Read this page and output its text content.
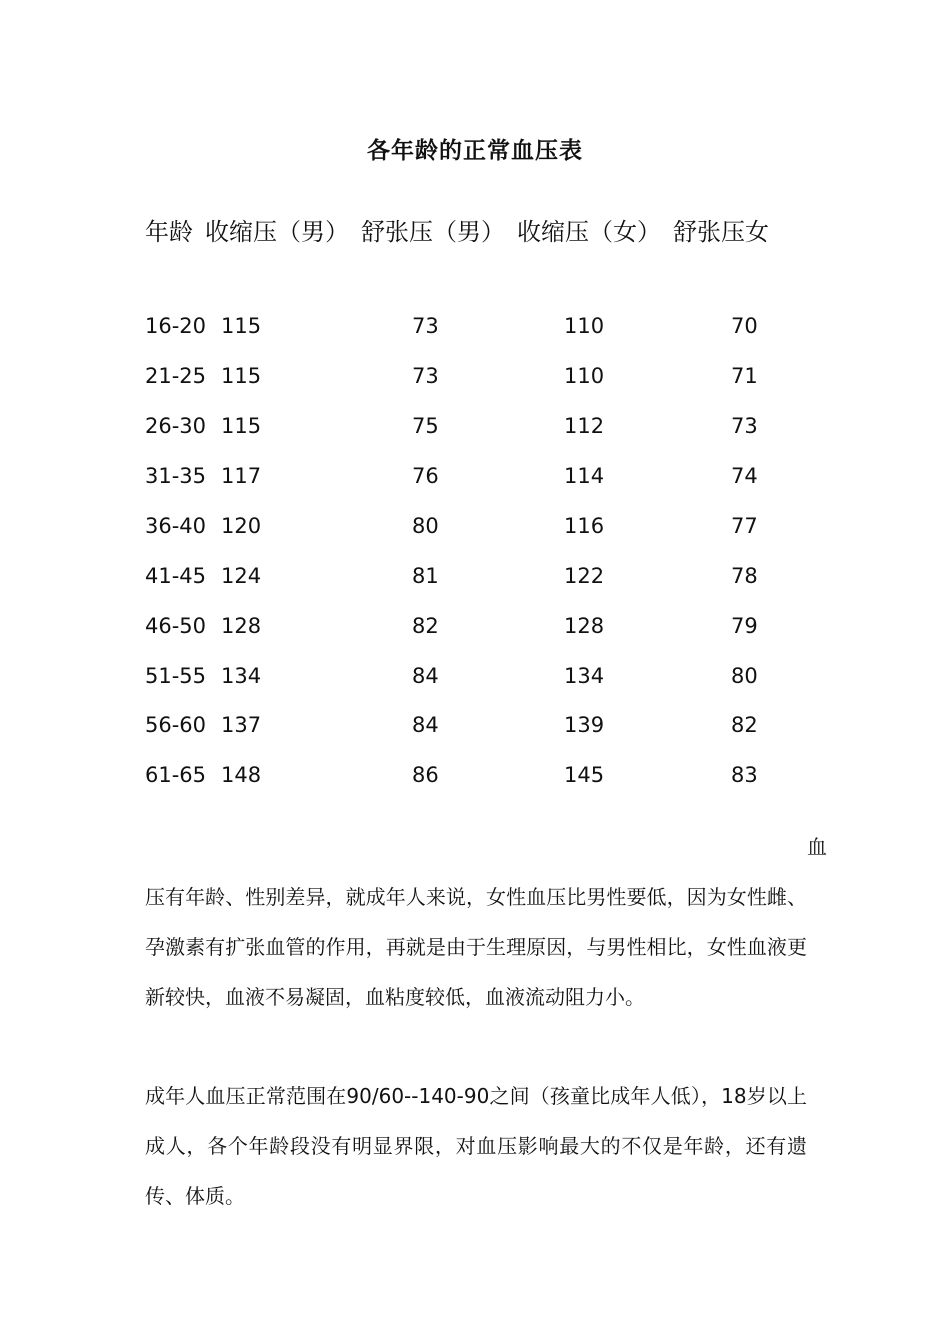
各年龄的正常血压表
年龄 收缩压（男） 舒张压（男） 收缩压（女） 舒张压女
16-20 115	73	110	70
21-25 115	73	110	71
26-30 115	75	112	73
31-35 117	76	114	74
36-40 120	80	116	77
41-45 124	81	122	78
46-50 128	82	128	79
51-55 134	84	134	80
56-60 137	84	139	82
61-65 148	86	145	83
血
压有年龄、性别差异，就成年人来说，女性血压比男性要低，因为女性雌、孕激素有扩张血管的作用，再就是由于生理原因，与男性相比，女性血液更新较快，血液不易凝固，血粘度较低，血液流动阻力小。
成年人血压正常范围在90/60--140-90之间（孩童比成年人低），18岁以上成人，各个年龄段没有明显界限，对血压影响最大的不仅是年龄，还有遗传、体质。
